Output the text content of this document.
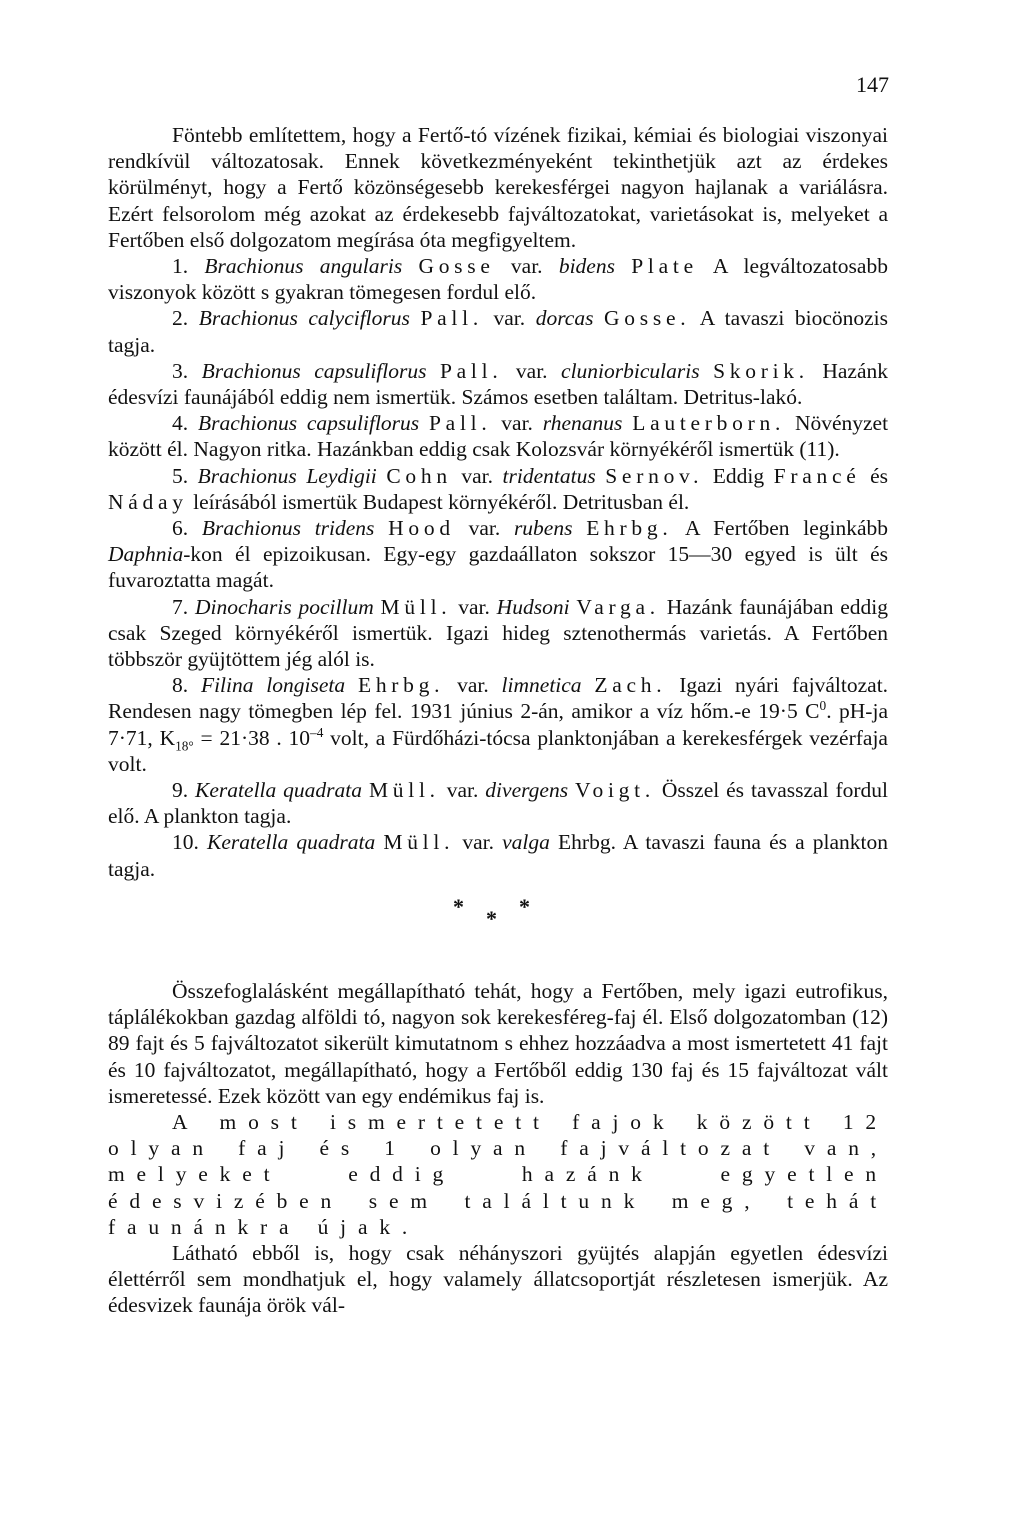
147

Föntebb említettem, hogy a Fertő-tó vízének fizikai, kémiai és biologiai viszonyai rendkívül változatosak. Ennek következményeként tekinthetjük azt az érdekes körülményt, hogy a Fertő közönségesebb kerekesférgei nagyon hajlanak a variálásra. Ezért felsorolom még azokat az érdekesebb fajváltozatokat, varietásokat is, melyeket a Fertőben első dolgozatom megírása óta megfigyeltem.

1. Brachionus angularis Gosse var. bidens Plate A legváltozatosabb viszonyok között s gyakran tömegesen fordul elő.

2. Brachionus calyciflorus Pall. var. dorcas Gosse. A tavaszi biocönozis tagja.

3. Brachionus capsuliflorus Pall. var. cluniorbicularis Skorik. Hazánk édesvízi faunájából eddig nem ismertük. Számos esetben találtam. Detritus-lakó.

4. Brachionus capsuliflorus Pall. var. rhenanus Lauterborn. Növényzet között él. Nagyon ritka. Hazánkban eddig csak Kolozsvár környékéről ismertük (11).

5. Brachionus Leydigii Cohn var. tridentatus Sernov. Eddig Francé és Náday leírásából ismertük Budapest környékéről. Detritusban él.

6. Brachionus tridens Hood var. rubens Ehrbg. A Fertőben leginkább Daphnia-kon él epizoikusan. Egy-egy gazdaállaton sokszor 15—30 egyed is ült és fuvaroztatta magát.

7. Dinocharis pocillum Müll. var. Hudsoni Varga. Hazánk faunájában eddig csak Szeged környékéről ismertük. Igazi hideg sztenothermás varietás. A Fertőben többször gyüjtöttem jég alól is.

8. Filina longiseta Ehrbg. var. limnetica Zach. Igazi nyári fajváltozat. Rendesen nagy tömegben lép fel. 1931 június 2-án, amikor a víz hőm.-e 19·5 $C^0$. pH-ja 7·71, $K_{18^\circ} = 21\cdot 38$ . $10^{-4}$ volt, a Fürdőházi-tócsa planktonjában a kerekesférgek vezérfaja volt.

9. Keratella quadrata Müll. var. divergens Voigt. Összel és tavasszal fordul elő. A plankton tagja.

10. Keratella quadrata Müll. var. valga Ehrbg. A tavaszi fauna és a plankton tagja.

* * *

Összefoglalásként megállapítható tehát, hogy a Fertőben, mely igazi eutrofikus, táplálékokban gazdag alföldi tó, nagyon sok kerekesféreg-faj él. Első dolgozatomban (12) 89 fajt és 5 fajváltozatot sikerült kimutatnom s ehhez hozzáadva a most ismertetett 41 fajt és 10 fajváltozatot, megállapítható, hogy a Fertőből eddig 130 faj és 15 fajváltozat vált ismeretessé. Ezek között van egy endémikus faj is.

A most ismertetett fajok között 12 olyan faj és 1 olyan fajváltozat van, melyeket eddig hazánk egyetlen édesvizében sem találtunk meg, tehát faunánkra újak.

Látható ebből is, hogy csak néhányszori gyüjtés alapján egyetlen édesvízi élettérről sem mondhatjuk el, hogy valamely állatcsoportját részletesen ismerjük. Az édesvizek faunája örök vál-
